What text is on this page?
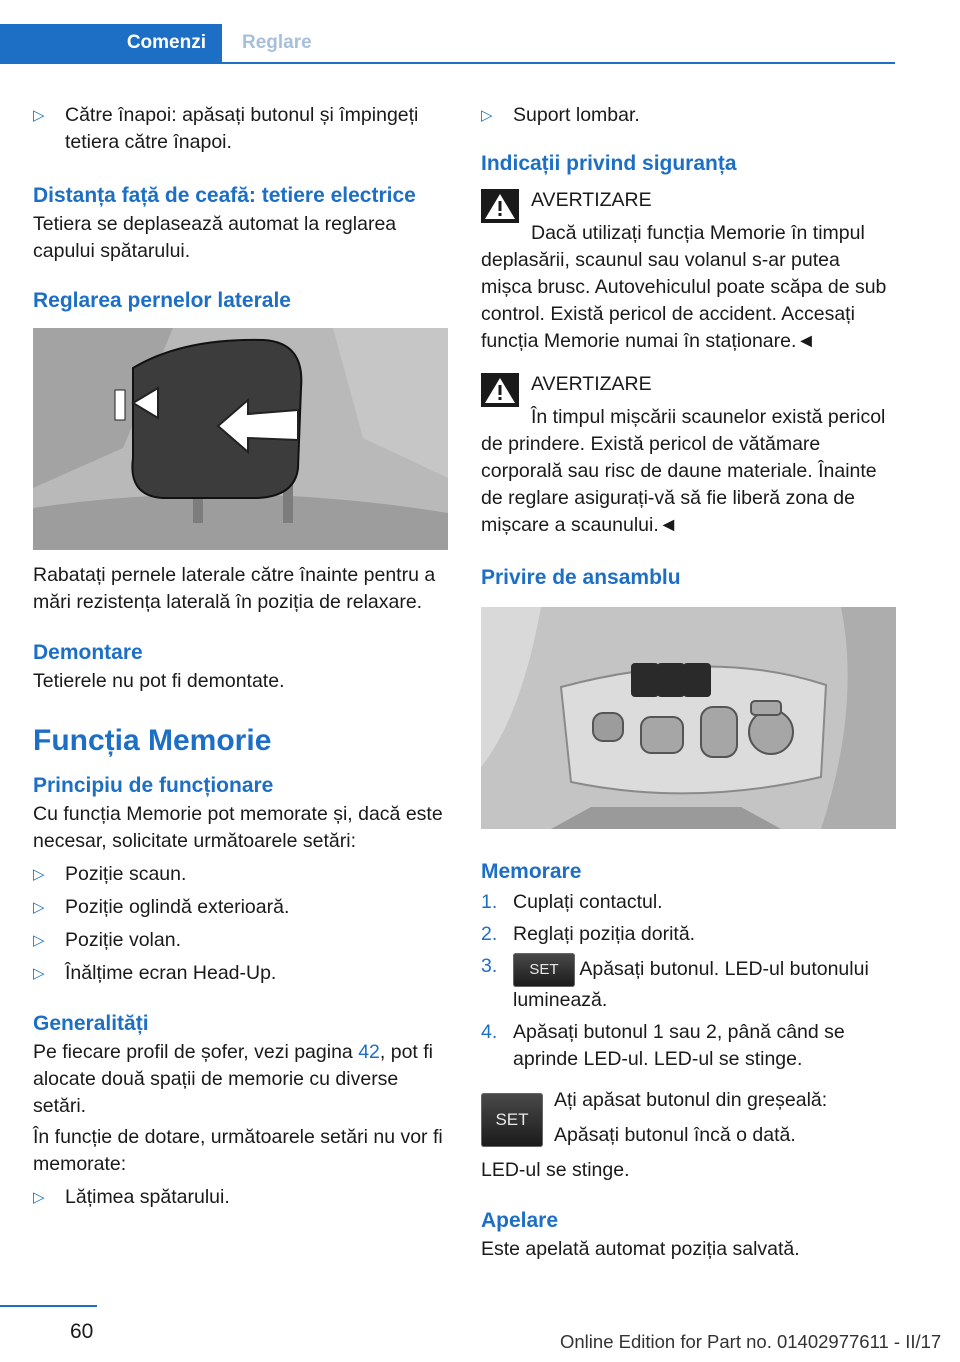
Comenzi	Reglare
▷ Către înapoi: apăsați butonul și împingeți tetiera către înapoi.

Distanța față de ceafă: tetiere electrice

Tetiera se deplasează automat la reglarea capului spătarului.

Reglarea pernelor laterale

Rabatați pernele laterale către înainte pentru a mări rezistența laterală în poziția de relaxare.

Demontare

Tetierele nu pot fi demontate.

Funcția Memorie

Principiu de funcționare

Cu funcția Memorie pot memorate și, dacă este necesar, solicitate următoarele setări:

▷ Poziție scaun.
▷ Poziție oglindă exterioară.
▷ Poziție volan.
▷ Înălțime ecran Head-Up.

Generalități

Pe fiecare profil de șofer, vezi pagina 42, pot fi alocate două spații de memorie cu diverse setări.

În funcție de dotare, următoarele setări nu vor fi memorate:

▷ Lățimea spătarului.
▷ Suport lombar.

Indicații privind siguranța

AVERTIZARE

Dacă utilizați funcția Memorie în timpul deplasării, scaunul sau volanul s-ar putea mișca brusc. Autovehiculul poate scăpa de sub control. Există pericol de accident. Accesați funcția Memorie numai în staționare.◄

AVERTIZARE

În timpul mișcării scaunelor există pericol de prindere. Există pericol de vătămare corporală sau risc de daune materiale. Înainte de reglare asigurați-vă să fie liberă zona de mișcare a scaunului.◄

Privire de ansamblu

Memorare

1. Cuplați contactul.
2. Reglați poziția dorită.
3. SET Apăsați butonul. LED-ul butonului luminează.
4. Apăsați butonul 1 sau 2, până când se aprinde LED-ul. LED-ul se stinge.
SET

Ați apăsat butonul din greșeală:

Apăsați butonul încă o dată.

LED-ul se stinge.

Apelare

Este apelată automat poziția salvată.

60	Online Edition for Part no. 01402977611 - II/17
